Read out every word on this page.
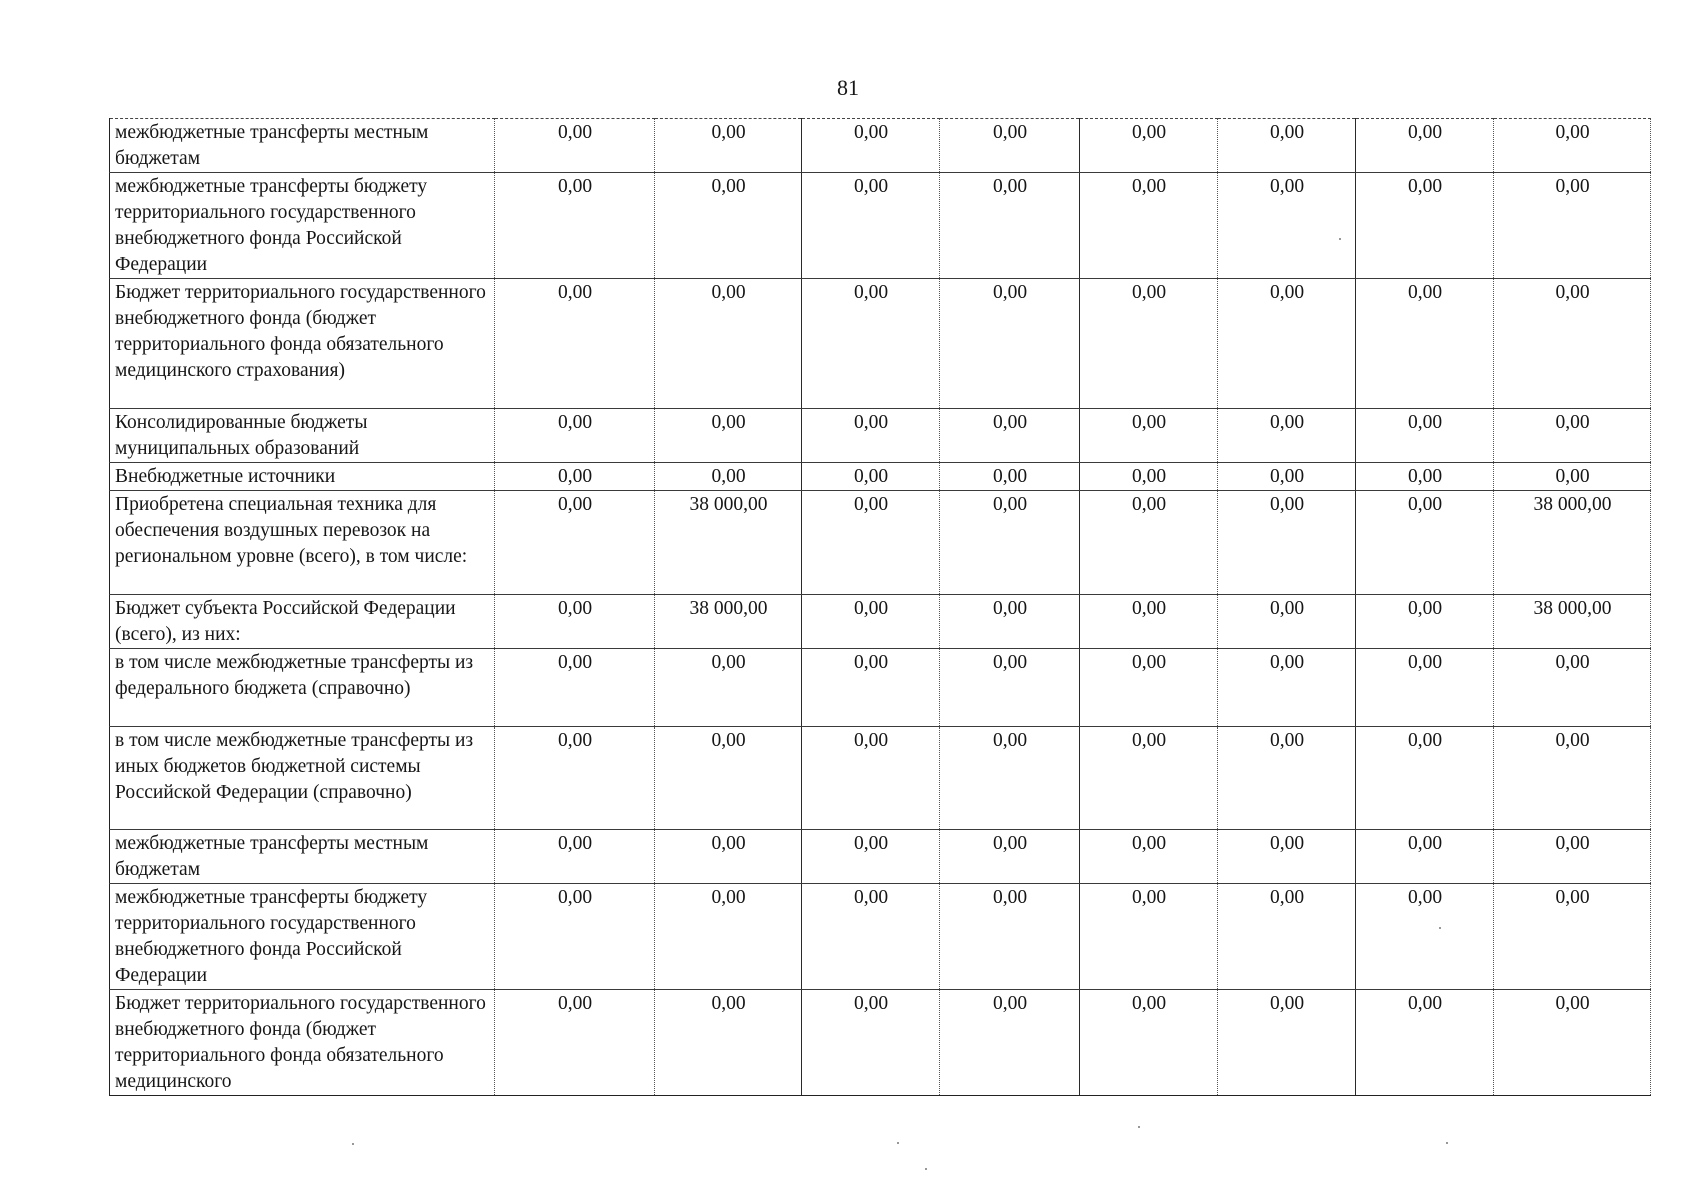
81
межбюджетные трансферты местным бюджетам	0,00	0,00	0,00	0,00	0,00	0,00	0,00	0,00
межбюджетные трансферты бюджету территориального государственного внебюджетного фонда Российской Федерации	0,00	0,00	0,00	0,00	0,00	0,00	0,00	0,00
Бюджет территориального государственного внебюджетного фонда (бюджет территориального фонда обязательного медицинского страхования)	0,00	0,00	0,00	0,00	0,00	0,00	0,00	0,00
Консолидированные бюджеты муниципальных образований	0,00	0,00	0,00	0,00	0,00	0,00	0,00	0,00
Внебюджетные источники	0,00	0,00	0,00	0,00	0,00	0,00	0,00	0,00
Приобретена специальная техника для обеспечения воздушных перевозок на региональном уровне (всего), в том числе:	0,00	38 000,00	0,00	0,00	0,00	0,00	0,00	38 000,00
Бюджет субъекта Российской Федерации (всего), из них:	0,00	38 000,00	0,00	0,00	0,00	0,00	0,00	38 000,00
в том числе межбюджетные трансферты из федерального бюджета (справочно)	0,00	0,00	0,00	0,00	0,00	0,00	0,00	0,00
в том числе межбюджетные трансферты из иных бюджетов бюджетной системы Российской Федерации (справочно)	0,00	0,00	0,00	0,00	0,00	0,00	0,00	0,00
межбюджетные трансферты местным бюджетам	0,00	0,00	0,00	0,00	0,00	0,00	0,00	0,00
межбюджетные трансферты бюджету территориального государственного внебюджетного фонда Российской Федерации	0,00	0,00	0,00	0,00	0,00	0,00	0,00	0,00
Бюджет территориального государственного внебюджетного фонда (бюджет территориального фонда обязательного медицинского	0,00	0,00	0,00	0,00	0,00	0,00	0,00	0,00
